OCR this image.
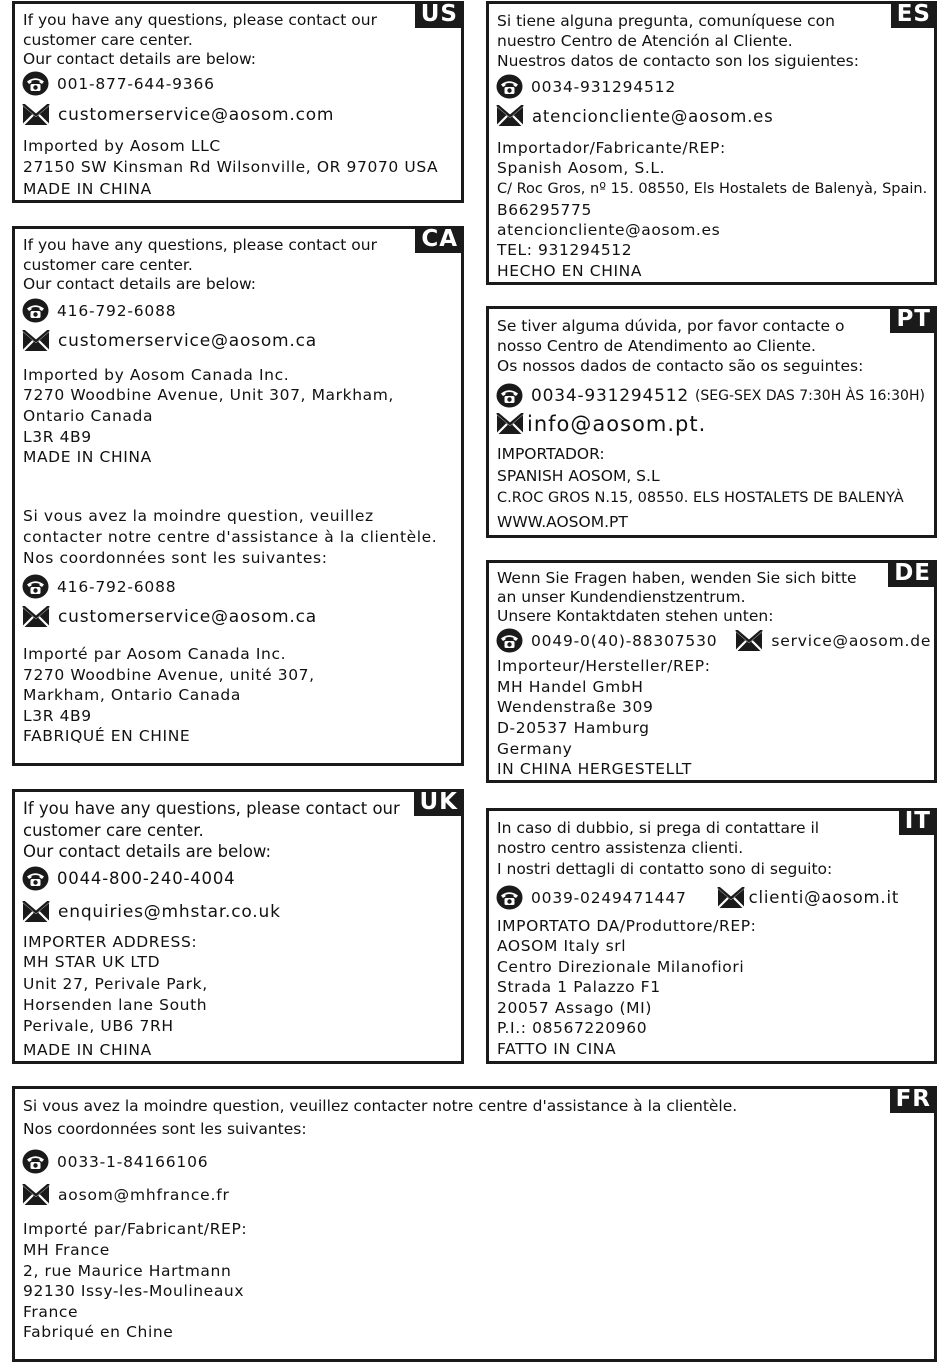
US
If you have any questions, please contact our
customer care center.
Our contact details are below:
001-877-644-9366
customerservice@aosom.com
Imported by Aosom LLC
27150 SW Kinsman Rd Wilsonville, OR 97070 USA
MADE IN CHINA
CA
If you have any questions, please contact our
customer care center.
Our contact details are below:
416-792-6088
customerservice@aosom.ca
Imported by Aosom Canada Inc.
7270 Woodbine Avenue, Unit 307, Markham,
Ontario Canada
L3R 4B9
MADE IN CHINA
Si vous avez la moindre question, veuillez
contacter notre centre d'assistance à la clientèle.
Nos coordonnées sont les suivantes:
416-792-6088
customerservice@aosom.ca
Importé par Aosom Canada Inc.
7270 Woodbine Avenue, unité 307,
Markham, Ontario Canada
L3R 4B9
FABRIQUÉ EN CHINE
UK
If you have any questions, please contact our
customer care center.
Our contact details are below:
0044-800-240-4004
enquiries@mhstar.co.uk
IMPORTER ADDRESS:
MH STAR UK LTD
Unit 27, Perivale Park,
Horsenden lane South
Perivale, UB6 7RH
MADE IN CHINA
ES
Si tiene alguna pregunta, comuníquese con
nuestro Centro de Atención al Cliente.
Nuestros datos de contacto son los siguientes:
0034-931294512
atencioncliente@aosom.es
Importador/Fabricante/REP:
Spanish Aosom, S.L.
C/ Roc Gros, nº 15. 08550, Els Hostalets de Balenyà, Spain.
B66295775
atencioncliente@aosom.es
TEL: 931294512
HECHO EN CHINA
PT
Se tiver alguma dúvida, por favor contacte o
nosso Centro de Atendimento ao Cliente.
Os nossos dados de contacto são os seguintes:
0034-931294512 (SEG-SEX DAS 7:30H ÀS 16:30H)
info@aosom.pt.
IMPORTADOR:
SPANISH AOSOM, S.L
C.ROC GROS N.15, 08550. ELS HOSTALETS DE BALENYÀ
WWW.AOSOM.PT
DE
Wenn Sie Fragen haben, wenden Sie sich bitte
an unser Kundendienstzentrum.
Unsere Kontaktdaten stehen unten:
0049-0(40)-88307530	service@aosom.de
Importeur/Hersteller/REP:
MH Handel GmbH
Wendenstraße 309
D-20537 Hamburg
Germany
IN CHINA HERGESTELLT
IT
In caso di dubbio, si prega di contattare il
nostro centro assistenza clienti.
I nostri dettagli di contatto sono di seguito:
0039-0249471447	clienti@aosom.it
IMPORTATO DA/Produttore/REP:
AOSOM Italy srl
Centro Direzionale Milanofiori
Strada 1 Palazzo F1
20057 Assago (MI)
P.I.: 08567220960
FATTO IN CINA
FR
Si vous avez la moindre question, veuillez contacter notre centre d'assistance à la clientèle.
Nos coordonnées sont les suivantes:
0033-1-84166106
aosom@mhfrance.fr
Importé par/Fabricant/REP:
MH France
2, rue Maurice Hartmann
92130 Issy-les-Moulineaux
France
Fabriqué en Chine
